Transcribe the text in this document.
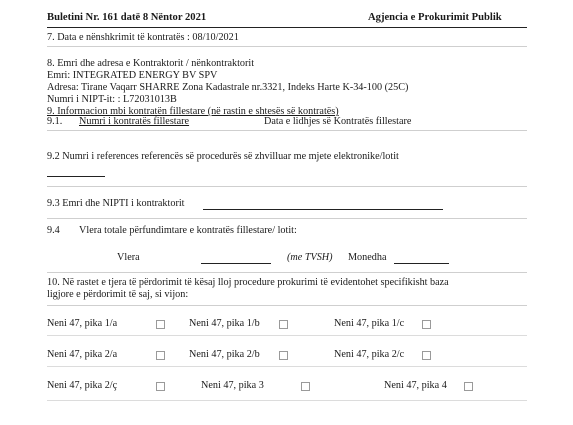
Buletini Nr. 161 datë 8 Nëntor 2021	Agjencia e Prokurimit Publik
7. Data e nënshkrimit të kontratës : 08/10/2021
8. Emri dhe adresa e Kontraktorit / nënkontraktorit
Emri: INTEGRATED ENERGY BV SPV
Adresa: Tirane Vaqarr SHARRE Zona Kadastrale nr.3321, Indeks Harte K-34-100 (25C)
Numri i NIPT-it: : L72031013B
9. Informacion mbi kontratën fillestare (në rastin e shtesës së kontratës)
9.1. Numri i kontratës fillestare	Data e lidhjes së Kontratës fillestare
9.2 Numri i references referencës së procedurës së zhvilluar me mjete elektronike/lotit
9.3 Emri dhe NIPTI i kontraktorit
9.4 Vlera totale përfundimtare e kontratës fillestare/ lotit:
Vlera	(me TVSH) Monedha
10. Në rastet e tjera të përdorimit të kësaj lloj procedure prokurimi të evidentohet specifikisht baza
ligjore e përdorimit të saj, si vijon:
Neni 47, pika 1/a	Neni 47, pika 1/b	Neni 47, pika 1/c
Neni 47, pika 2/a	Neni 47, pika 2/b	Neni 47, pika 2/c
Neni 47, pika 2/ç	Neni 47, pika 3	Neni 47, pika 4
